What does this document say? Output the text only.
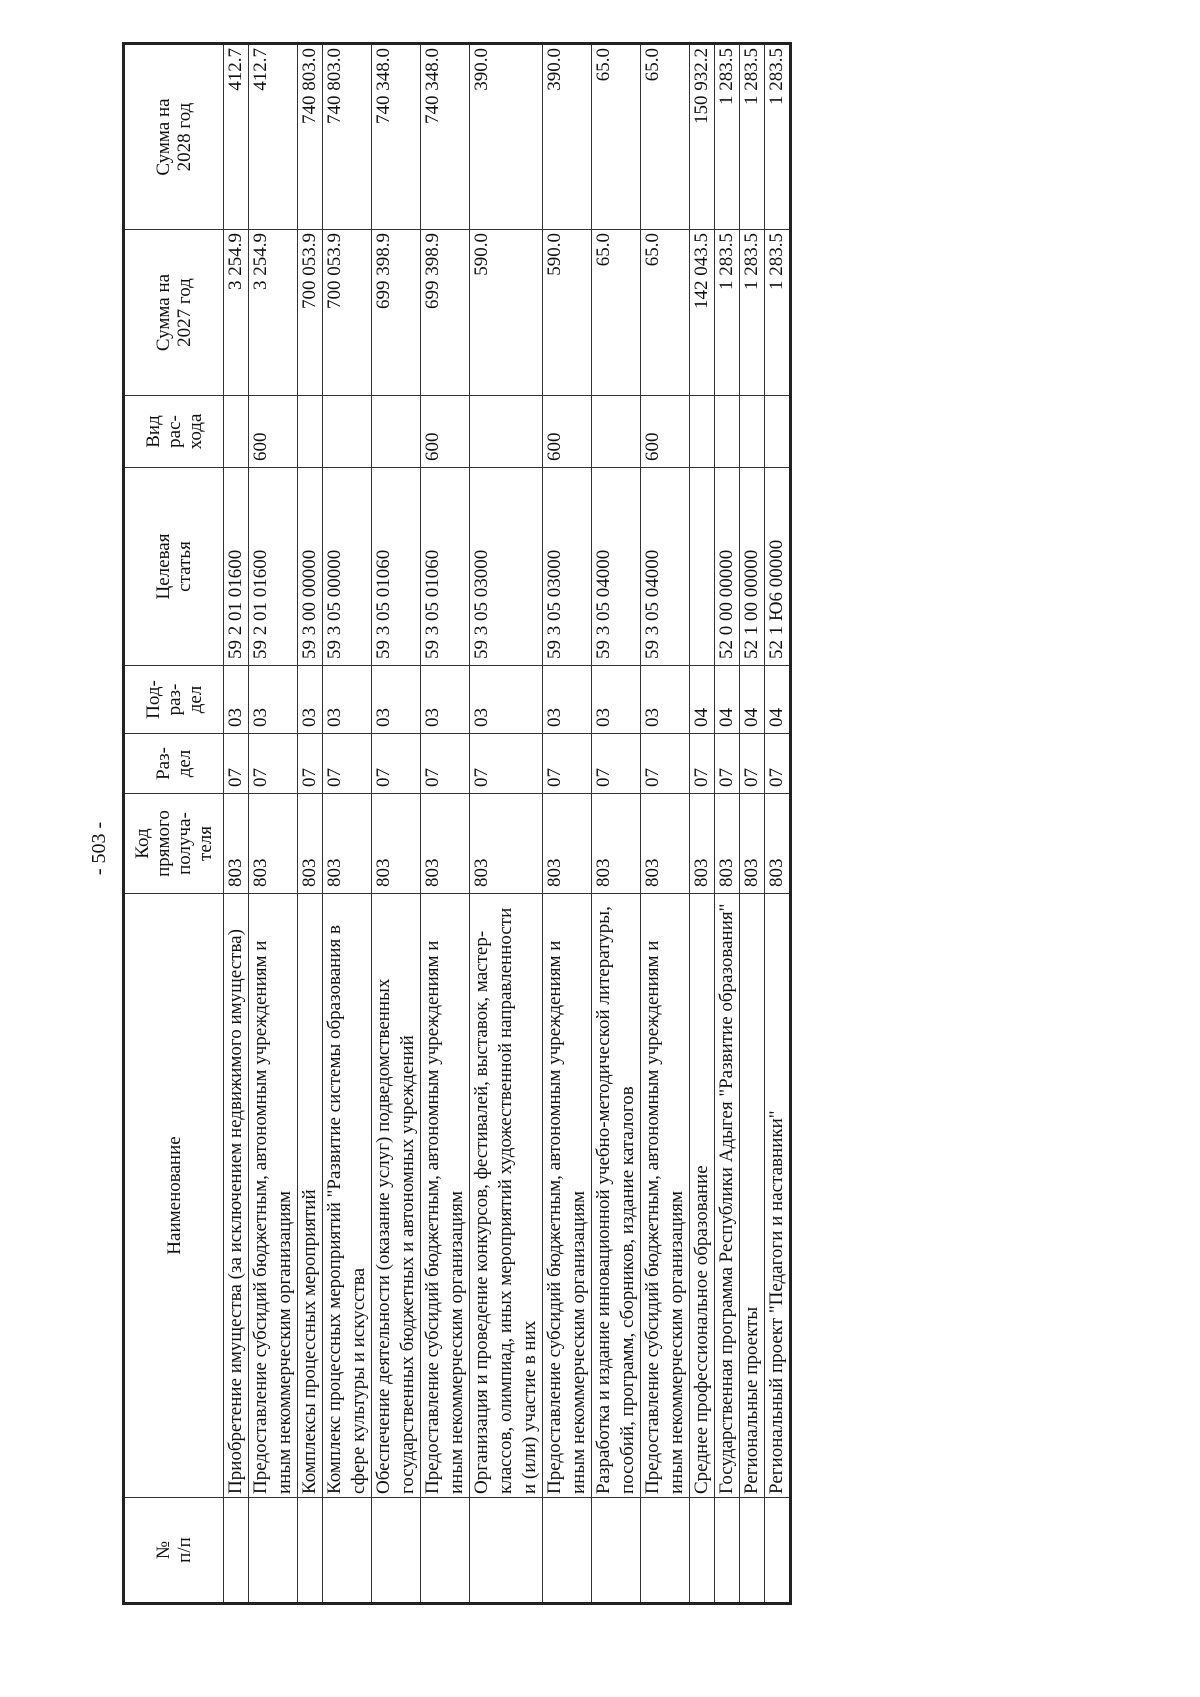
- 503 -
№
п/п	Наименование	Код
прямого
получа-
теля	Раз-
дел	Под-
раз-
дел	Целевая
статья	Вид
рас-
хода	Сумма на
2027 год	Сумма на
2028 год
	Приобретение имущества (за исключением недвижимого имущества)	803	07	03	59 2 01 01600		3 254.9	412.7
	Предоставление субсидий бюджетным, автономным учреждениям и иным некоммерческим организациям	803	07	03	59 2 01 01600	600	3 254.9	412.7
	Комплексы процессных мероприятий	803	07	03	59 3 00 00000		700 053.9	740 803.0
	Комплекс процессных мероприятий "Развитие системы образования в сфере культуры и искусства	803	07	03	59 3 05 00000		700 053.9	740 803.0
	Обеспечение деятельности (оказание услуг) подведомственных государственных бюджетных и автономных учреждений	803	07	03	59 3 05 01060		699 398.9	740 348.0
	Предоставление субсидий бюджетным, автономным учреждениям и иным некоммерческим организациям	803	07	03	59 3 05 01060	600	699 398.9	740 348.0
	Организация и проведение конкурсов, фестивалей, выставок, мастер-классов, олимпиад, иных мероприятий художественной направленности и (или) участие в них	803	07	03	59 3 05 03000		590.0	390.0
	Предоставление субсидий бюджетным, автономным учреждениям и иным некоммерческим организациям	803	07	03	59 3 05 03000	600	590.0	390.0
	Разработка и издание инновационной учебно-методической литературы, пособий, программ, сборников, издание каталогов	803	07	03	59 3 05 04000		65.0	65.0
	Предоставление субсидий бюджетным, автономным учреждениям и иным некоммерческим организациям	803	07	03	59 3 05 04000	600	65.0	65.0
	Среднее профессиональное образование	803	07	04			142 043.5	150 932.2
	Государственная программа Республики Адыгея "Развитие образования"	803	07	04	52 0 00 00000		1 283.5	1 283.5
	Региональные проекты	803	07	04	52 1 00 00000		1 283.5	1 283.5
	Региональный проект "Педагоги и наставники"	803	07	04	52 1 Ю6 00000		1 283.5	1 283.5
